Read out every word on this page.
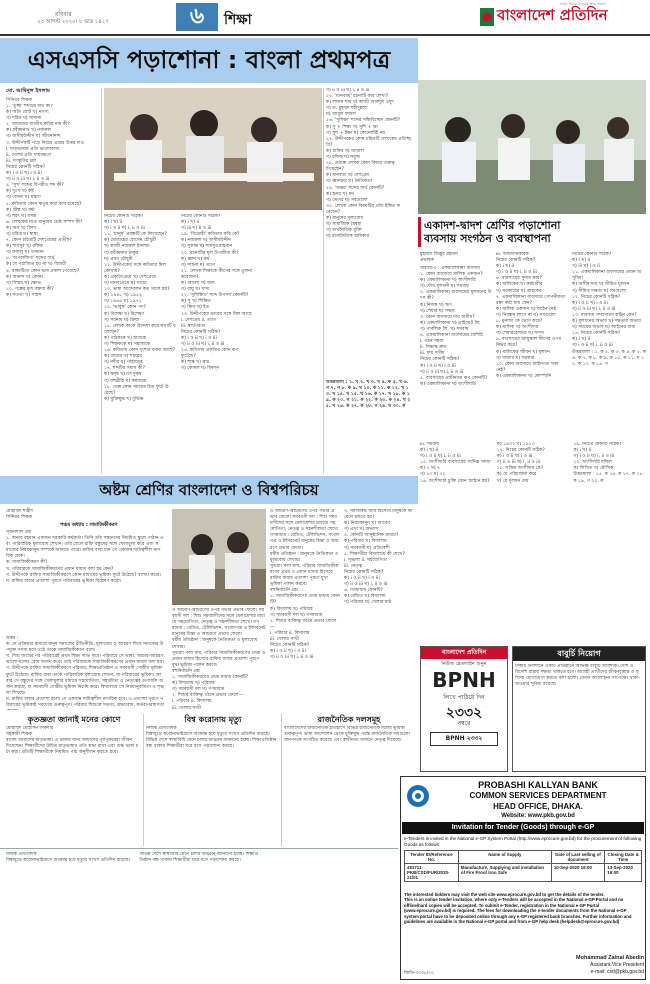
রবিবার
২৩ আগস্ট ২০২০। ৮ ভাদ্র ১৪২৭	৬	শিক্ষা	বাংলাদেশ প্রতিদিন
সকল ধারার মানুষের জন্য সংবাদ
এসএসসি পড়াশোনা : বাংলা প্রথমপত্র
মো. আমিনুল ইসলাম
সিনিয়র শিক্ষক
১. 'তুচ্ছ' শব্দটির অর্থ কী?
ক) অতি ছোট খ) নগণ্য
গ) দরিদ্র ঘ) সামান্য
২. আমাদের জাতীয় কবির নাম কী?
ক) রবীন্দ্রনাথ খ) নজরুল
গ) জসীমউদ্দীন ঘ) জীবনানন্দ
৩. উদ্দীপকটি পড়ে নিচের প্রশ্নের উত্তর দাও
i. মাতৃভাষার প্রতি ভালোবাসা
ii. দেশের প্রতি দায়বদ্ধতা
iii. সংস্কৃতির চর্চা
নিচের কোনটি সঠিক?
ক) i ও ii খ) i ও iii
গ) ii ও iii ঘ) i, ii ও iii
৪. 'সুখ' শব্দের বিপরীত শব্দ কী?
ক) দুঃখ খ) কষ্ট
গ) বেদনা ঘ) যন্ত্রণা
৫. কবিতায় কোন ঋতুর কথা বলা হয়েছে?
ক) গ্রীষ্ম খ) বর্ষা
গ) শরৎ ঘ) বসন্ত
৬. লেখকের মতে মানুষের শ্রেষ্ঠ সম্পদ কী?
ক) অর্থ খ) বিদ্যা
গ) চরিত্র ঘ) স্বাস্থ্য
৭. কোন চরিত্রটি দেশপ্রেমের প্রতীক?
ক) শামসুর খ) রফিক
গ) ফজলু ঘ) ওসমান
৮. 'অপরাজিত' শব্দের অর্থ
ক) যে পরাজিত হয় না খ) বিজয়ী
৯. বাক্যটিতে কোন ভাব প্রকাশ পেয়েছে?
ক) আনন্দ খ) বেদনা
গ) বিস্ময় ঘ) ক্ষোভ
১০. গল্পের মূল বক্তব্য কী?
ক) সততা খ) সাহস
নিচের কোনটি সঠিক?
ক) i খ) ii
গ) i ও ii ঘ) i, ii ও iii
১১. 'মানুষ' প্রবন্ধটি কে লিখেছেন?
ক) মোতাহের হোসেন চৌধুরী
খ) কাজী নজরুল ইসলাম
গ) রবীন্দ্রনাথ ঠাকুর
ঘ) প্রমথ চৌধুরী
১২. উদ্দীপকের সঙ্গে কবিতার মিল কোথায়?
ক) প্রকৃতিপ্রেমে খ) দেশপ্রেমে
গ) মানবপ্রেমে ঘ) সাম্যে
১৩. ভাষা আন্দোলন কত সালে হয়?
ক) ১৯৪৮ খ) ১৯৫২
গ) ১৯৬৬ ঘ) ১৯৭১
১৪. 'ভাবুক' কোন পদ?
ক) বিশেষ্য খ) বিশেষণ
গ) সর্বনাম ঘ) ক্রিয়া
১৫. লেখক কাকে উদ্দেশ্য করে কথাটি বলেছেন?
ক) পাঠককে খ) ছাত্রকে
গ) শিক্ষককে ঘ) সমাজকে
১৬. কবিতায় কোন দৃশ্যের বর্ণনা আছে?
ক) গ্রামের খ) শহরের
গ) নদীর ঘ) পাহাড়ের
১৭. শব্দটির সমাস কী?
ক) দ্বন্দ্ব খ) তৎপুরুষ
গ) বহুব্রীহি ঘ) কর্মধারয়
১৮. গল্পে কোন সময়ের চিত্র ফুটে উঠেছে?
ক) মুক্তিযুদ্ধ খ) দুর্ভিক্ষ
নিচের কোনটি সঠিক?
ক) i খ) ii
গ) iii ঘ) ii ও iii
১৯. 'বিদ্রোহী' কবিতার কবি কে?
ক) নজরুল খ) জসীমউদ্দীন
গ) সুকান্ত ঘ) শামসুর রাহমান
২০. রচনাটির মূল উপজীব্য কী?
ক) জ্ঞান খ) কর্ম
গ) সাধনা ঘ) ত্যাগ
২১. লেখক শিক্ষাকে কীসের সঙ্গে তুলনা করেছেন?
ক) আলো খ) জল
গ) বায়ু ঘ) খাদ্য
২২. 'সুশিক্ষিত' শব্দে উপসর্গ কোনটি?
ক) সু খ) শিক্ষিত
গ) ক্ষিত ঘ) ইত
২৩. উদ্দীপকের ভাবের সঙ্গে মিল আছে
i. দেশপ্রেম ii. ত্যাগ
iii. স্বার্থপরতা
নিচের কোনটি সঠিক?
ক) i ও ii খ) i ও iii
গ) ii ও iii ঘ) i, ii ও iii
২৪. কবিতায় প্রকৃতির কোন রূপ ফুটেছে?
ক) শান্ত খ) রুদ্র
গ) কোমল ঘ) বিষণ্ন
গ) ii ও iii ঘ) i, ii ও iii
২৫. 'মানবধর্ম' রচনাটি কার লেখা?
ক) লালন শাহ খ) কাজী আবদুল ওদুদ
গ) ড. মুহম্মদ শহীদুল্লাহ
ঘ) আবুল ফজল
২৬. 'সুশিক্ষা' শব্দের সন্ধিবিচ্ছেদ কোনটি?
ক) সু + শিক্ষা খ) সুশি + ক্ষা
গ) সুশ + ইক্ষা ঘ) কোনোটিই নয়
২৭. উদ্দীপকের কোন চরিত্রটি লেখকের প্রতিচ্ছবি?
ক) রাকিব খ) জামাল
গ) রফিক ঘ) সবুজ
২৮. প্রবন্ধে লেখক কোন বিষয়ে গুরুত্ব দিয়েছেন?
ক) মানবতা খ) দেশপ্রেম
গ) জ্ঞানচর্চা ঘ) নৈতিকতা
২৯. 'অন্তর' শব্দের অর্থ কোনটি?
ক) হৃদয় খ) মন
গ) ভেতর ঘ) সবগুলো
৩০. লেখক কোন বিষয়টির প্রতি ইঙ্গিত করেছেন?
ক) মানুষের মূল্যবোধ
খ) সামাজিক বৈষম্য
গ) অর্থনৈতিক মুক্তি
ঘ) রাজনৈতিক অধিকার
উত্তরমালা : ১. খ ২. খ ৩. ঘ ৪. ক ৫. খ ৬. গ ৭. গ ৮. ক ৯. খ ১০. ক ১১. ক ১২. খ ১৩. খ ১৪. খ ১৫. খ ১৬. ক ১৭. খ ১৮. ক ১৯. ক ২০. গ ২১. ক ২২. ক ২৩. ক ২৪. খ ২৫. খ ২৬. ক ২৭. ক ২৮. গ ২৯. ঘ ৩০. ক
একাদশ-দ্বাদশ শ্রেণির পড়াশোনা
ব্যবসায় সংগঠন ও ব্যবস্থাপনা
মুহাম্মদ জিল্লুর রহমান
প্রভাষক
অধ্যায়-৩ : একমালিকানা ব্যবসায়
১. কোন ব্যবসায়ে মালিক একজন?
ক) একমালিকানা খ) অংশীদারি
গ) যৌথ মূলধনী ঘ) সমবায়
২. একমালিকানা ব্যবসায়ের মূলধনের উৎস কী?
ক) নিজস্ব খ) ঋণ
গ) শেয়ার ঘ) সঞ্চয়
৩. কোন ব্যবসায়ে দায় অসীম?
ক) একমালিকানা খ) প্রাইভেট লি.
গ) পাবলিক লি. ঘ) সমবায়
৪. একমালিকানা ব্যবসায়ের বৈশিষ্ট্য
i. গঠন সহজ
ii. সিদ্ধান্ত দ্রুত
iii. দায় সসীম
নিচের কোনটি সঠিক?
ক) i ও ii খ) i ও iii
গ) ii ও iii ঘ) i, ii ও iii
৫. ব্যবসায়ের প্রাচীনতম রূপ কোনটি?
ক) একমালিকানা খ) অংশীদারি
iii. আমদানিকারক
নিচের কোনটি সঠিক?
ক) i খ) ii
গ) i ও ii ঘ) i, ii ও iii
৬. ব্যবসায়ের সুনাম কার?
ক) মালিকের খ) কর্মচারীর
গ) সরকারের ঘ) গ্রাহকের
৭. একমালিকানা ব্যবসায়ে গোপনীয়তা রক্ষা করা যায় কেন?
ক) মালিক একজন খ) আইন নেই
গ) নিবন্ধন লাগে না ঘ) সবগুলো
৮. মুনাফা কে ভোগ করে?
ক) মালিক খ) অংশীদার
গ) শেয়ারহোল্ডার ঘ) সদস্য
৯. ব্যবসায়ের আয়ুষ্কাল কীসের ওপর নির্ভর করে?
ক) মালিকের জীবন খ) মূলধন
গ) বাজার ঘ) সরকার
১০. কোন ব্যবসায়ে আইনগত সত্তা নেই?
ক) একমালিকানা খ) কোম্পানি
নিচের কোনটি সঠিক?
ক) i খ) ii
গ) iii ঘ) i ও ii
১১. একমালিকানা ব্যবসায়ের প্রধান অসুবিধা
ক) অসীম দায় খ) সীমিত মূলধন
গ) সীমিত দক্ষতা ঘ) সবগুলো
১২. নিচের কোনটি সঠিক?
ক) i ও ii খ) i ও iii
গ) ii ও iii ঘ) i, ii ও iii
১৩. ব্যবসায় সম্প্রসারণ কঠিন কেন?
ক) মূলধনের অভাব খ) দক্ষতার অভাব
গ) সময়ের অভাব ঘ) আইনের বাধা
১৪. নিচের কোনটি সঠিক?
ক) i খ) ii
গ) i ও ii ঘ) i, ii ও iii
উত্তরমালা : ১. ক ২. ক ৩. ক ৪. ক ৫. ক ৬. ক ৭. ক ৮. ক ৯. ক ১০. ক ১১. ঘ ১২. ক ১৩. ক ১৪. গ
অষ্টম শ্রেণির বাংলাদেশ ও বিশ্বপরিচয়
মোহাম্মদ শাহীদ
সিনিয়র শিক্ষক
পঞ্চম অধ্যায় : সামাজিকীকরণ
সৃজনশীল প্রশ্ন
১. জনাব রহমান একজন সরকারি কর্মকর্তা। তিনি তাঁর সন্তানদের নিয়মিত স্কুলে পাঠান এবং পারিবারিক মূল্যবোধ শেখান। তাঁর ছেলে রাফি বন্ধুদের সঙ্গে খেলাধুলা করে এবং সমাজের নিয়মকানুন সম্পর্কে জানতে পারে। রাফির বাবা চান সে একজন দায়িত্বশীল নাগরিক হোক।
ক. সামাজিকীকরণ কী?
খ. পরিবারকে সামাজিকীকরণের প্রধান মাধ্যম বলা হয় কেন?
গ. উদ্দীপকে রাফির সামাজিকীকরণে কোন মাধ্যমের ভূমিকা ফুটে উঠেছে? ব্যাখ্যা করো।
ঘ. রাফির বাবার প্রত্যাশা পূরণে পরিবারের ভূমিকা বিশ্লেষণ করো।
উত্তর :
ক. যে প্রক্রিয়ার মাধ্যমে মানুষ সমাজের রীতিনীতি, মূল্যবোধ ও আচরণ শিখে সমাজের উপযুক্ত সদস্য হয়ে ওঠে তাকে সামাজিকীকরণ বলে।
খ. শিশু জন্মের পর পরিবারেই প্রথম শিক্ষা লাভ করে। পরিবারে সে ভাষা, আচার-আচরণ, ভালো-মন্দের বোধ অর্জন করে। তাই পরিবারকে সামাজিকীকরণের প্রধান মাধ্যম বলা হয়।
গ. উদ্দীপকে রাফির সামাজিকীকরণে পরিবার, শিক্ষাপ্রতিষ্ঠান ও সমবয়সী গোষ্ঠীর ভূমিকা ফুটে উঠেছে। রাফির বাবা তাকে পারিবারিক মূল্যবোধ শেখান, যা পরিবারের ভূমিকা। আবার সে বন্ধুদের সঙ্গে খেলাধুলার মাধ্যমে সহযোগিতা, সহমর্মিতা ও নেতৃত্বের গুণাবলি অর্জন করছে, যা সমবয়সী গোষ্ঠীর ভূমিকা নির্দেশ করে। বিদ্যালয়ে সে নিয়মানুবর্তিতা ও শৃঙ্খলা শিখছে।
ঘ. রাফির বাবার প্রত্যাশা হলো সে একজন দায়িত্বশীল নাগরিক হবে। এ প্রত্যাশা পূরণে পরিবারের ভূমিকাই সবচেয়ে গুরুত্বপূর্ণ। পরিবার শিশুকে সততা, শ্রদ্ধাবোধ, কর্তব্যপরায়ণতা
ও আচরণ-আচরণের ওপর গভীর প্রভাব ফেলে। সমবয়সী দল : শিশু সমবয়সীদের সঙ্গে মেলামেশার মাধ্যমে সহযোগিতা, নেতৃত্ব ও সহনশীলতা শেখে। গণমাধ্যম : রেডিও, টেলিভিশন, সংবাদপত্র ও ইন্টারনেট মানুষের চিন্তা ও আচরণে প্রভাব ফেলে।
ধর্মীয় প্রতিষ্ঠান : মানুষকে নৈতিকতা ও মূল্যবোধ শেখায়।
সুতরাং বলা যায়, পরিবার সামাজিকীকরণের প্রথম ও প্রধান মাধ্যম হিসেবে রাফির বাবার প্রত্যাশা পূরণে মুখ্য ভূমিকা পালন করবে।
বহুনির্বাচনি প্রশ্ন
১. সামাজিকীকরণের প্রথম মাধ্যম কোনটি?
ক) বিদ্যালয় খ) পরিবার
গ) সমবয়সী দল ঘ) গণমাধ্যম
২. শিশুর ব্যক্তিত্ব গঠনে প্রভাব ফেলে—
i. পরিবার ii. বিদ্যালয়
iii. খেলার সাথী
নিচের কোনটি সঠিক?
ক) i ও ii খ) i ও iii
গ) ii ও iii ঘ) i, ii ও iii
৩. সমাজবদ্ধ জীব হিসেবে মানুষকে কী মেনে চলতে হয়?
ক) নিয়মকানুন খ) আবেগ
গ) প্রথা ঘ) অভ্যাস
৪. কোনটি আনুষ্ঠানিক মাধ্যম?
ক) পরিবার খ) বিদ্যালয়
গ) সমবয়সী ঘ) প্রতিবেশী
৫. শিক্ষার্থীরা বিদ্যালয়ে কী শেখে?
i. শৃঙ্খলা ii. সহযোগিতা
iii. নেতৃত্ব
নিচের কোনটি সঠিক?
ক) i ও ii খ) i ও iii
গ) ii ও iii ঘ) i, ii ও iii
৬. গণমাধ্যম কোনটি?
ক) রেডিও খ) বিদ্যালয়
গ) পরিবার ঘ) খেলার মাঠ
ও আচরণ-আচরণের ওপর গভীর প্রভাব ফেলে। সমবয়সী দল : শিশু সমবয়সীদের সঙ্গে মেলামেশার মাধ্যমে সহযোগিতা, নেতৃত্ব ও সহনশীলতা শেখে। গণমাধ্যম : রেডিও, টেলিভিশন, সংবাদপত্র ও ইন্টারনেট মানুষের চিন্তা ও আচরণে প্রভাব ফেলে।
ধর্মীয় প্রতিষ্ঠান : মানুষকে নৈতিকতা ও মূল্যবোধ শেখায়।
সুতরাং বলা যায়, পরিবার সামাজিকীকরণের প্রথম ও প্রধান মাধ্যম হিসেবে রাফির বাবার প্রত্যাশা পূরণে মুখ্য ভূমিকা পালন করবে।
বহুনির্বাচনি প্রশ্ন
১. সামাজিকীকরণের প্রথম মাধ্যম কোনটি?
ক) বিদ্যালয় খ) পরিবার
গ) সমবয়সী দল ঘ) গণমাধ্যম
২. শিশুর ব্যক্তিত্ব গঠনে প্রভাব ফেলে—
i. পরিবার ii. বিদ্যালয়
iii. খেলার সাথী

কৃতজ্ঞতা জানাই মনের কোণে
মোহাম্মদ মোহসিন সিকদার
সহকারী শিক্ষক
বাংলা আমাদের মাতৃভাষা। এ ভাষার জন্য আমাদের পূর্বপুরুষেরা জীবন দিয়েছেন। শিক্ষার্থীদের উচিত মাতৃভাষার প্রতি শ্রদ্ধা রাখা এবং শুদ্ধ ভাষা চর্চা করা। প্রতিটি শিক্ষার্থীকে নিয়মিত পাঠ অনুশীলন করতে হবে।
বিশ্ব করোনায় মৃত্যু
নিজস্ব প্রতিবেদক
বিশ্বজুড়ে করোনাভাইরাসে আক্রান্ত হয়ে মৃত্যুর সংখ্যা প্রতিদিন বাড়ছে। বিভিন্ন দেশে স্বাস্থ্যবিধি মেনে চলার আহ্বান জানানো হচ্ছে। শিক্ষাপ্রতিষ্ঠান বন্ধ থাকায় শিক্ষার্থীরা ঘরে বসে পড়াশোনা করছে।
রাজনৈতিক দলসমূহ
বাংলাদেশের রাজনৈতিক ইতিহাসে বিভিন্ন রাজনৈতিক দলের ভূমিকা গুরুত্বপূর্ণ। ভাষা আন্দোলন থেকে মুক্তিযুদ্ধ পর্যন্ত রাজনৈতিক দলগুলো জনগণকে সংগঠিত করেছে এবং স্বাধীনতা অর্জনে নেতৃত্ব দিয়েছে।
iii. সমবায়
ক) i খ) ii
গ) i ও ii ঘ) i, ii ও iii
১৫. অংশীদারি ব্যবসায়ের সর্বনিম্ন সদস্য
ক) ২ খ) ৭
গ) ১০ ঘ) ২০
১৬. অংশীদারি চুক্তি কোন আইনে হয়?
ক) ১৯৩২ খ) ১৯১৩
১৭. নিচের কোনটি সঠিক?
ক) i ও ii খ) i ও iii
গ) ii ও iii ঘ) i, ii ও iii
১৮. সক্রিয় অংশীদার কে?
ক) যে পরিচালনা করে
খ) যে মূলধন দেয়
১৯. নিচের কোনটি সঠিক?
ক) i খ) ii
গ) i ও ii ঘ) i, ii ও iii
২০. অংশীদারি দলিল
ক) লিখিত খ) মৌখিক
উত্তরমালা : ১৫. ক ১৬. ক ১৭. ক ১৮. ক ১৯. গ ২০. ক
বাংলাদেশ প্রতিদিন
নিউজ হেডলাইন শুনুন
BPNH
লিখে পাঠিয়ে দিন
২৩৩২
নম্বরে
BPNH ২৩৩২
বাবুর্চি নিয়োগ
ঢাকার গুলশানে একটি প্রতিষ্ঠানে অভিজ্ঞ বাবুর্চি আবশ্যক। দেশি ও বিদেশি রান্নায় দক্ষতা থাকতে হবে। আগ্রহী প্রার্থীদের জীবনবৃত্তান্ত ও ছবিসহ যোগাযোগ করতে বলা হলো। বেতন আলোচনা সাপেক্ষে। থাকা-খাওয়ার সুবিধা রয়েছে।
PROBASHI KALLYAN BANK
COMMON SERVICES DEPARTMENT
HEAD OFFICE, DHAKA.
Website: www.pkb.gov.bd
Invitation for Tender (Goods) through e-GP
e-Tenders is invited in the National e-GP System Portal (http://www.eprocure.gov.bd) for the procurement of following Goods as follows:
Tender ID/Reference No.	Name of Supply	Date of Last selling of document	Closing Date & Time
481711
PKB/CSD/FUR/2020-21/01	Manufacture, Supplying and installation of Fire Proof Iron Safe	10-Sep-2020 16:00	13-Sep-2020 16:00
The interested bidders may visit the web site www.eprocure.gov.bd to get the details of the tender.
This is an online tender invitation, where only e-Tenders will be accepted in the National e-GP Portal and no offline/hard copies will be accepted. To submit e-Tender, registration in the National e-GP Portal (www.eprocure.gov.bd) is required. The fees for downloading the e-tender documents from the National e-GP system portal have to be deposited online through any e-GP registered bank branches. Further information and guidelines are available in the National e-GP portal and from e-GP help desk (helpdesk@eprocure.gov.bd)
Mohammad Zainal Abedin
Assistant Vice President
e-mail: csd@pkb.gov.bd
জিডি-৩৩৩৮/২০
নিজস্ব প্রতিবেদক
বিশ্বজুড়ে করোনাভাইরাসে আক্রান্ত হয়ে মৃত্যুর সংখ্যা প্রতিদিন বাড়ছে। বিভিন্ন দেশে স্বাস্থ্যবিধি মেনে চলার আহ্বান জানানো হচ্ছে। শিক্ষাপ্রতিষ্ঠান বন্ধ থাকায় শিক্ষার্থীরা ঘরে বসে পড়াশোনা করছে।
